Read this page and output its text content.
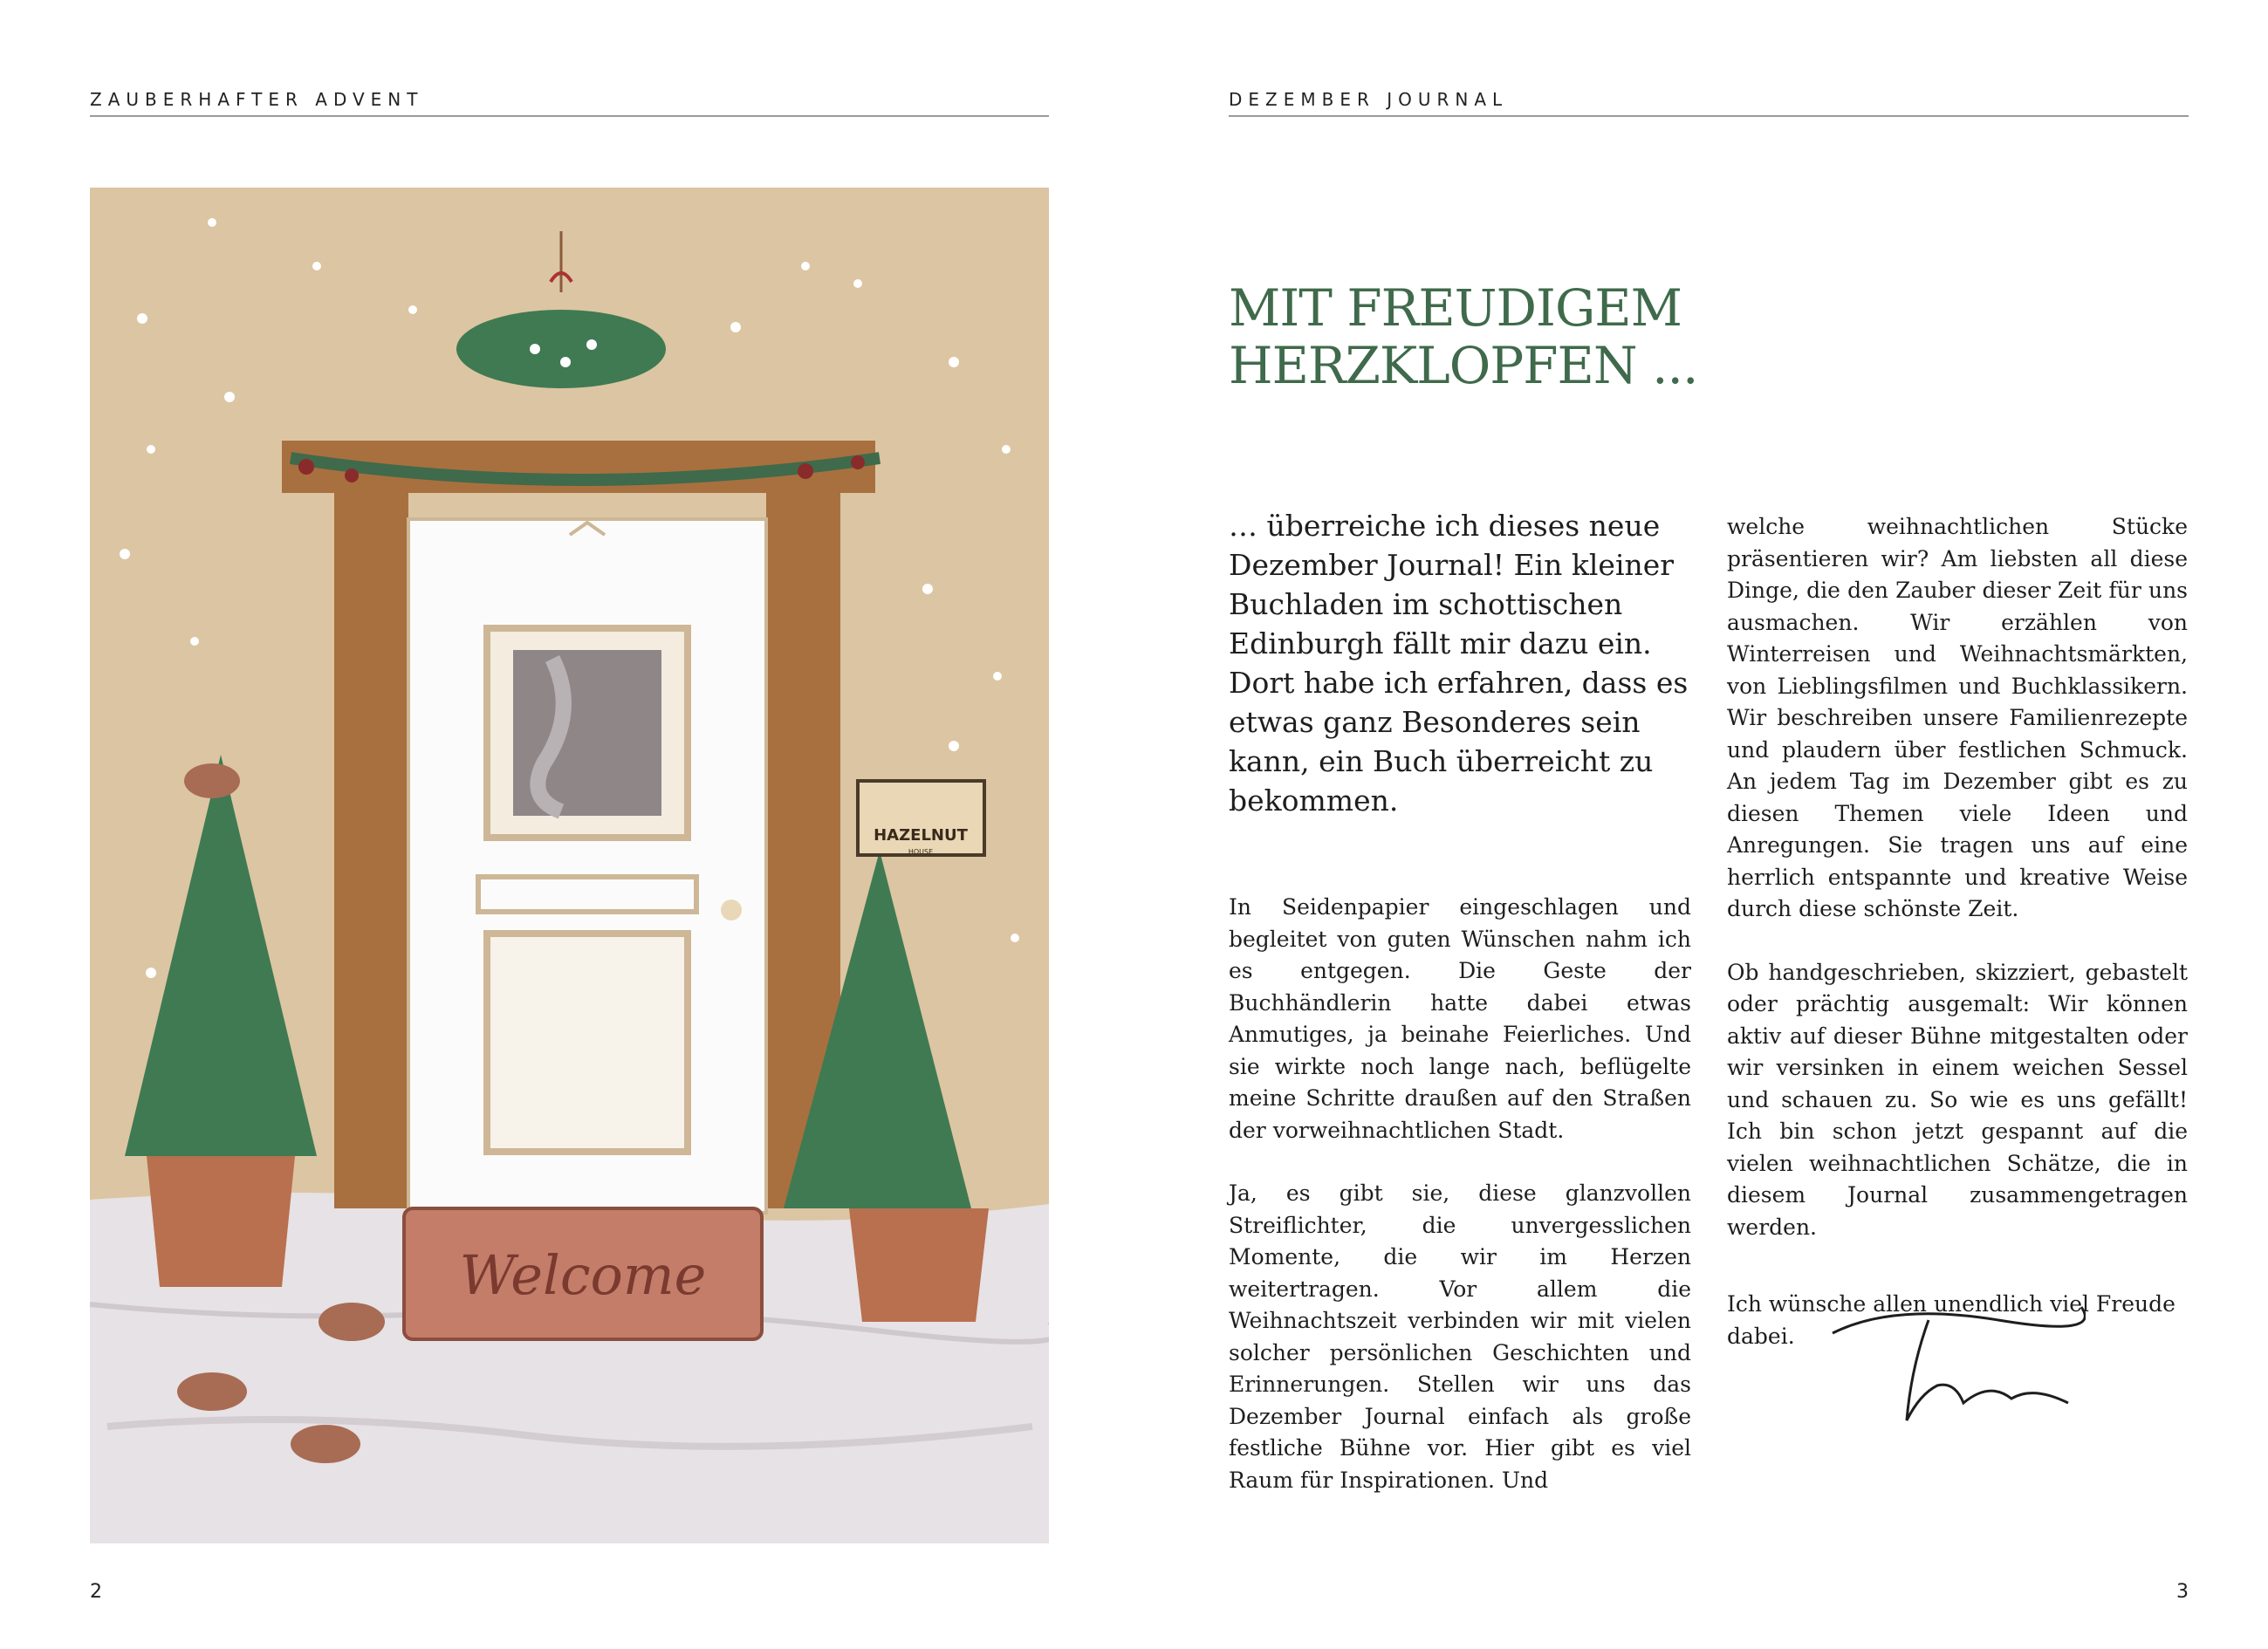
ZAUBERHAFTER ADVENT	DEZEMBER JOURNAL
HAZELNUT
HOUSE
Welcome
MIT FREUDIGEM
HERZKLOPFEN ...

… überreiche ich dieses neue Dezember Journal! Ein kleiner Buchladen im schottischen Edinburgh fällt mir dazu ein. Dort habe ich erfahren, dass es etwas ganz Besonderes sein kann, ein Buch überreicht zu bekommen.

In Seidenpapier eingeschlagen und begleitet von guten Wünschen nahm ich es entgegen. Die Geste der Buchhändlerin hatte dabei etwas Anmutiges, ja beinahe Feierliches. Und sie wirkte noch lange nach, beflügelte meine Schritte draußen auf den Straßen der vorweihnachtlichen Stadt.

Ja, es gibt sie, diese glanzvollen Streiflichter, die unvergesslichen Momente, die wir im Herzen weitertragen. Vor allem die Weihnachtszeit verbinden wir mit vielen solcher persönlichen Geschichten und Erinnerungen. Stellen wir uns das Dezember Journal einfach als große festliche Bühne vor. Hier gibt es viel Raum für Inspirationen. Und

welche weihnachtlichen Stücke präsentieren wir? Am liebsten all diese Dinge, die den Zauber dieser Zeit für uns ausmachen. Wir erzählen von Winterreisen und Weihnachtsmärkten, von Lieblingsfilmen und Buchklassikern. Wir beschreiben unsere Familienrezepte und plaudern über festlichen Schmuck. An jedem Tag im Dezember gibt es zu diesen Themen viele Ideen und Anregungen. Sie tragen uns auf eine herrlich entspannte und kreative Weise durch diese schönste Zeit.

Ob handgeschrieben, skizziert, gebastelt oder prächtig ausgemalt: Wir können aktiv auf dieser Bühne mitgestalten oder wir versinken in einem weichen Sessel und schauen zu. So wie es uns gefällt! Ich bin schon jetzt gespannt auf die vielen weihnachtlichen Schätze, die in diesem Journal zusammengetragen werden.

Ich wünsche allen unendlich viel Freude dabei.

2	3
